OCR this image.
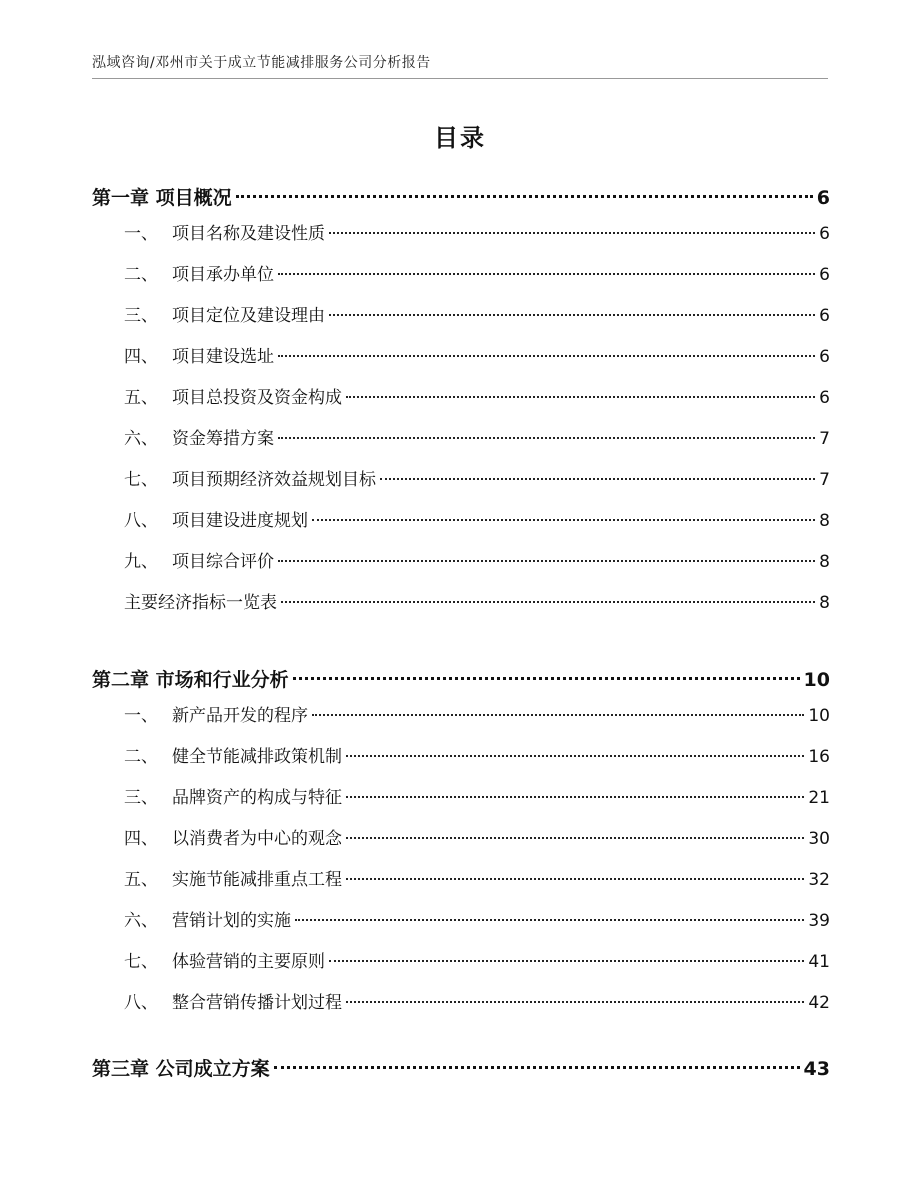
泓域咨询/邓州市关于成立节能减排服务公司分析报告
目录
第一章 项目概况	6
一、 项目名称及建设性质	6
二、 项目承办单位	6
三、 项目定位及建设理由	6
四、 项目建设选址	6
五、 项目总投资及资金构成	6
六、 资金筹措方案	7
七、 项目预期经济效益规划目标	7
八、 项目建设进度规划	8
九、 项目综合评价	8
主要经济指标一览表	8
第二章 市场和行业分析	10
一、 新产品开发的程序	10
二、 健全节能减排政策机制	16
三、 品牌资产的构成与特征	21
四、 以消费者为中心的观念	30
五、 实施节能减排重点工程	32
六、 营销计划的实施	39
七、 体验营销的主要原则	41
八、 整合营销传播计划过程	42
第三章 公司成立方案	43
